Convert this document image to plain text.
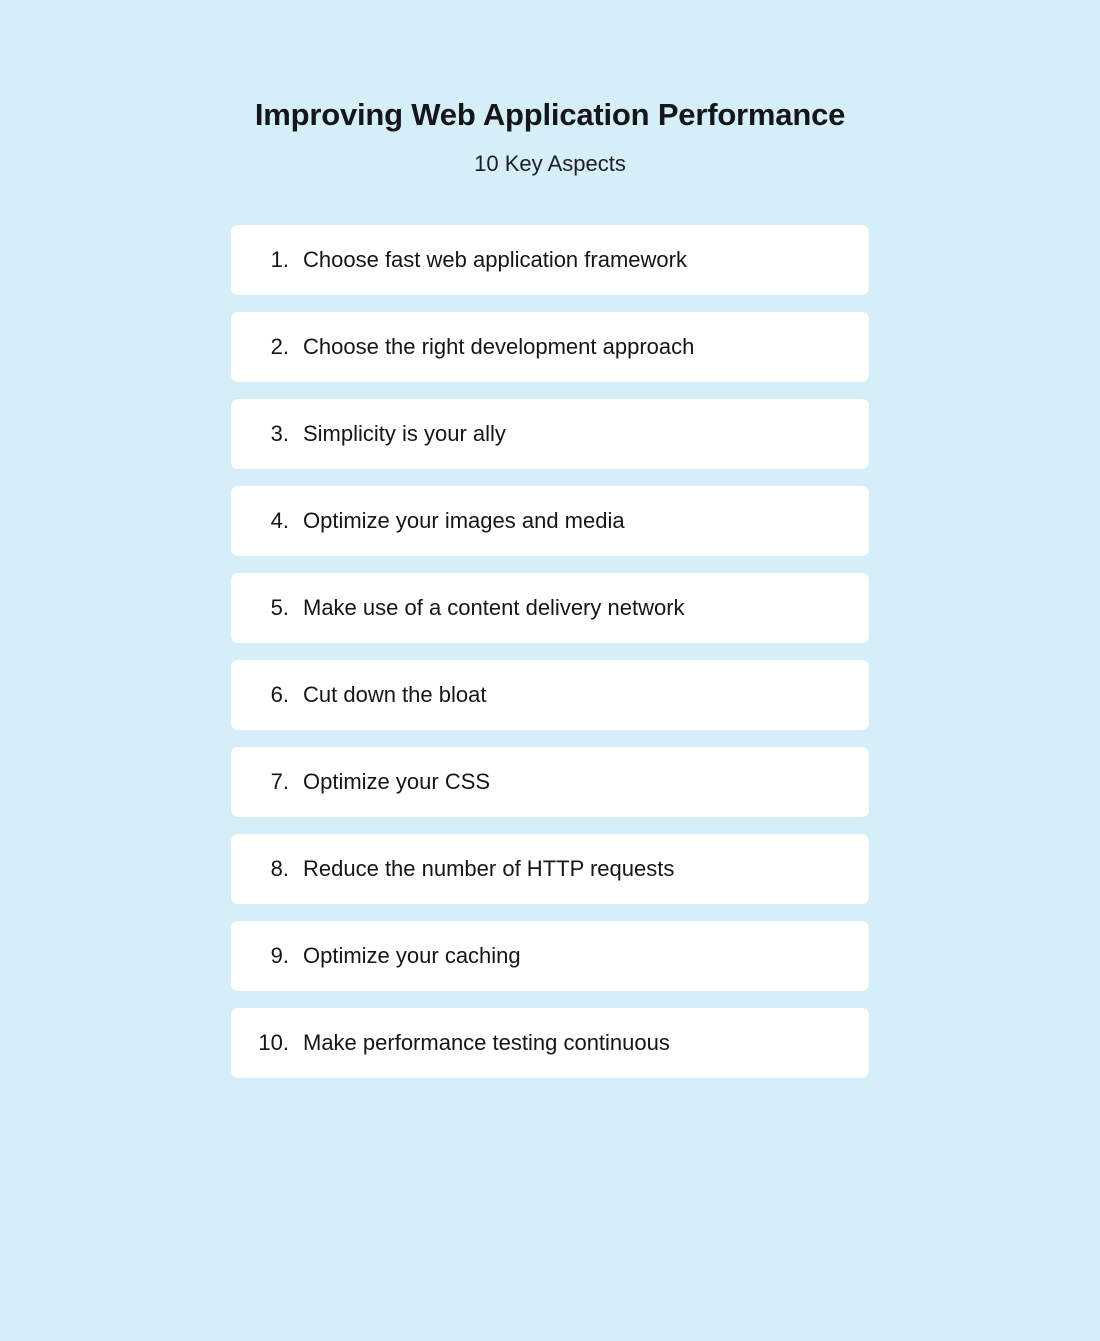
Improving Web Application Performance
10 Key Aspects
1. Choose fast web application framework
2. Choose the right development approach
3. Simplicity is your ally
4. Optimize your images and media
5. Make use of a content delivery network
6. Cut down the bloat
7. Optimize your CSS
8. Reduce the number of HTTP requests
9. Optimize your caching
10. Make performance testing continuous
